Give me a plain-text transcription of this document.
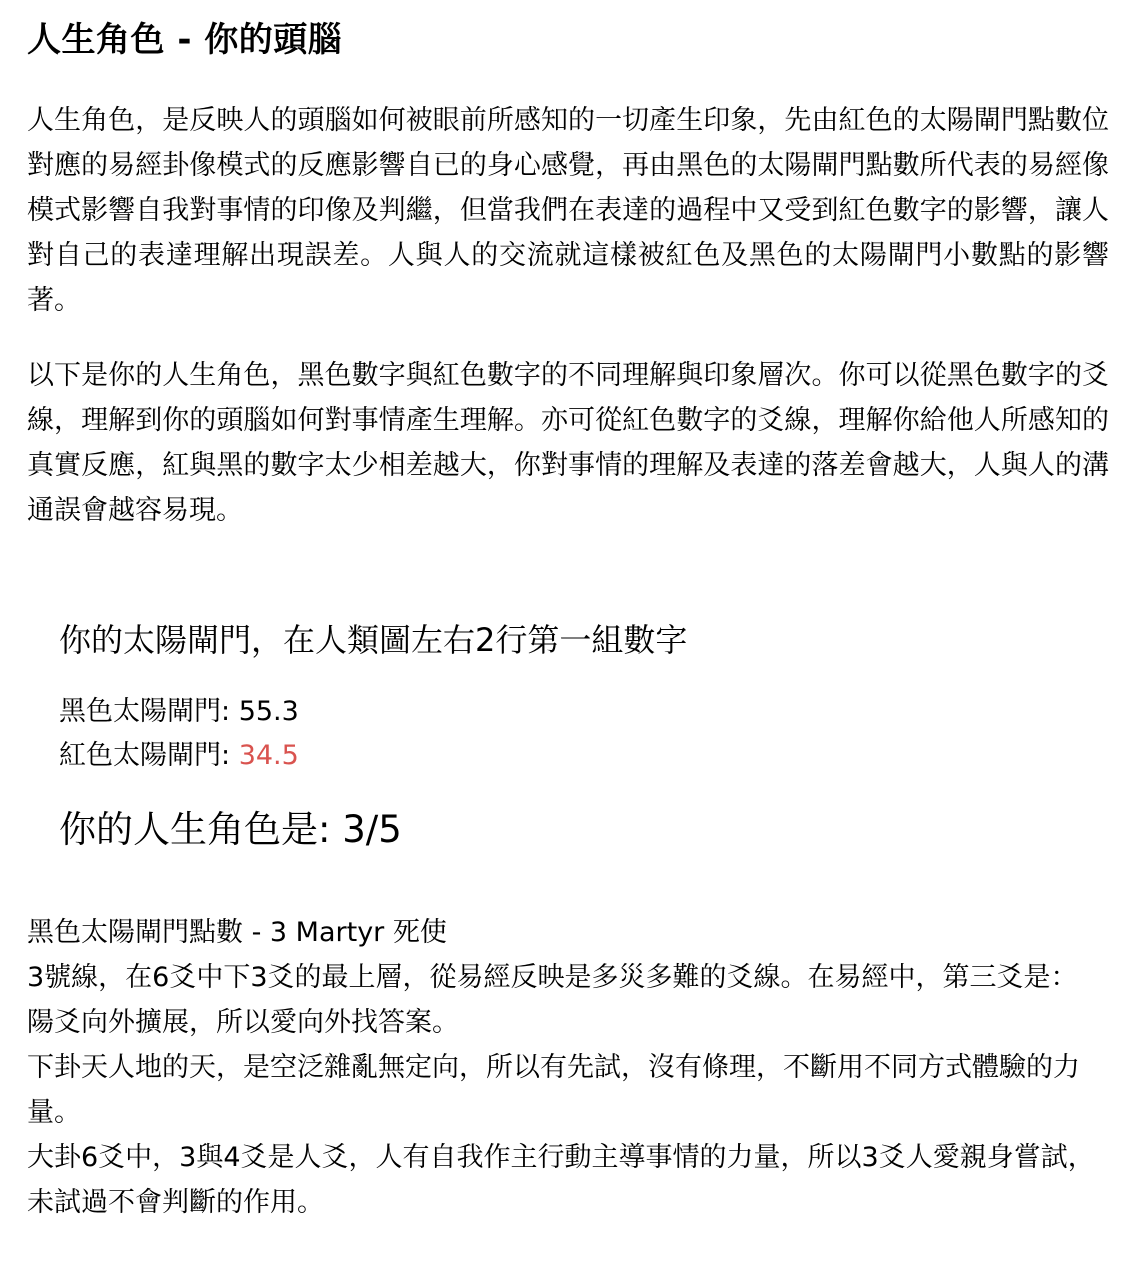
人生角色 - 你的頭腦

人生角色，是反映人的頭腦如何被眼前所感知的一切產生印象，先由紅色的太陽閘門點數位對應的易經卦像模式的反應影響自已的身心感覺，再由黑色的太陽閘門點數所代表的易經像模式影響自我對事情的印像及判繼，但當我們在表達的過程中又受到紅色數字的影響，讓人對自己的表達理解出現誤差。人與人的交流就這樣被紅色及黑色的太陽閘門小數點的影響著。

以下是你的人生角色，黑色數字與紅色數字的不同理解與印象層次。你可以從黑色數字的爻線，理解到你的頭腦如何對事情產生理解。亦可從紅色數字的爻線，理解你給他人所感知的真實反應，紅與黑的數字太少相差越大，你對事情的理解及表達的落差會越大，人與人的溝通誤會越容易現。

你的太陽閘門，在人類圖左右2行第一組數字
黑色太陽閘門: 55.3
紅色太陽閘門: 34.5
你的人生角色是: 3/5
黑色太陽閘門點數 - 3 Martyr 死使
3號線，在6爻中下3爻的最上層，從易經反映是多災多難的爻線。在易經中，第三爻是：
陽爻向外擴展，所以愛向外找答案。
下卦天人地的天，是空泛雜亂無定向，所以有先試，沒有條理，不斷用不同方式體驗的力量。
大卦6爻中，3與4爻是人爻，人有自我作主行動主導事情的力量，所以3爻人愛親身嘗試，未試過不會判斷的作用。
